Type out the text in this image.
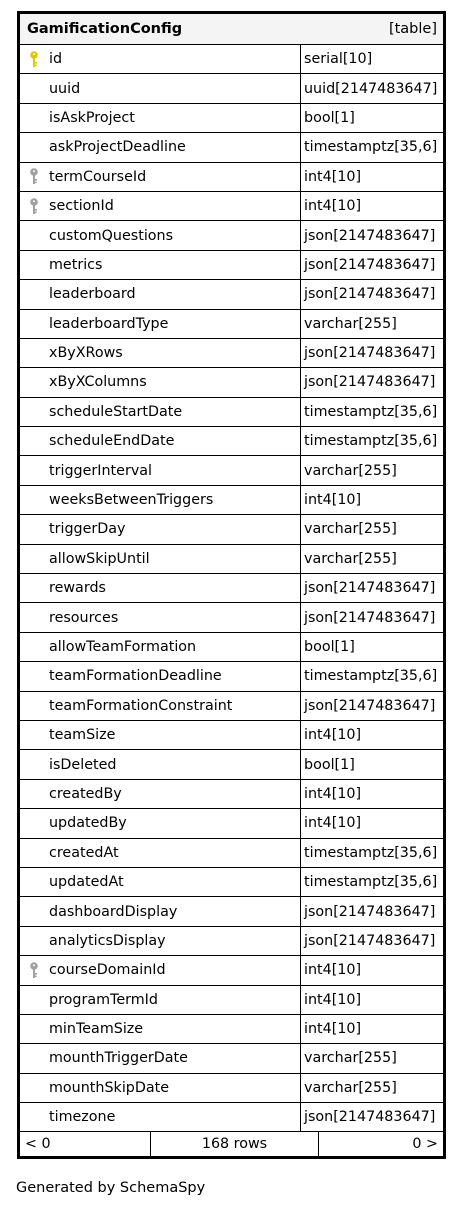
GamificationConfig	[table]
id	serial[10]
uuid	uuid[2147483647]
isAskProject	bool[1]
askProjectDeadline	timestamptz[35,6]
termCourseId	int4[10]
sectionId	int4[10]
customQuestions	json[2147483647]
metrics	json[2147483647]
leaderboard	json[2147483647]
leaderboardType	varchar[255]
xByXRows	json[2147483647]
xByXColumns	json[2147483647]
scheduleStartDate	timestamptz[35,6]
scheduleEndDate	timestamptz[35,6]
triggerInterval	varchar[255]
weeksBetweenTriggers	int4[10]
triggerDay	varchar[255]
allowSkipUntil	varchar[255]
rewards	json[2147483647]
resources	json[2147483647]
allowTeamFormation	bool[1]
teamFormationDeadline	timestamptz[35,6]
teamFormationConstraint	json[2147483647]
teamSize	int4[10]
isDeleted	bool[1]
createdBy	int4[10]
updatedBy	int4[10]
createdAt	timestamptz[35,6]
updatedAt	timestamptz[35,6]
dashboardDisplay	json[2147483647]
analyticsDisplay	json[2147483647]
courseDomainId	int4[10]
programTermId	int4[10]
minTeamSize	int4[10]
mounthTriggerDate	varchar[255]
mounthSkipDate	varchar[255]
timezone	json[2147483647]
< 0	168 rows	0 >
Generated by SchemaSpy
